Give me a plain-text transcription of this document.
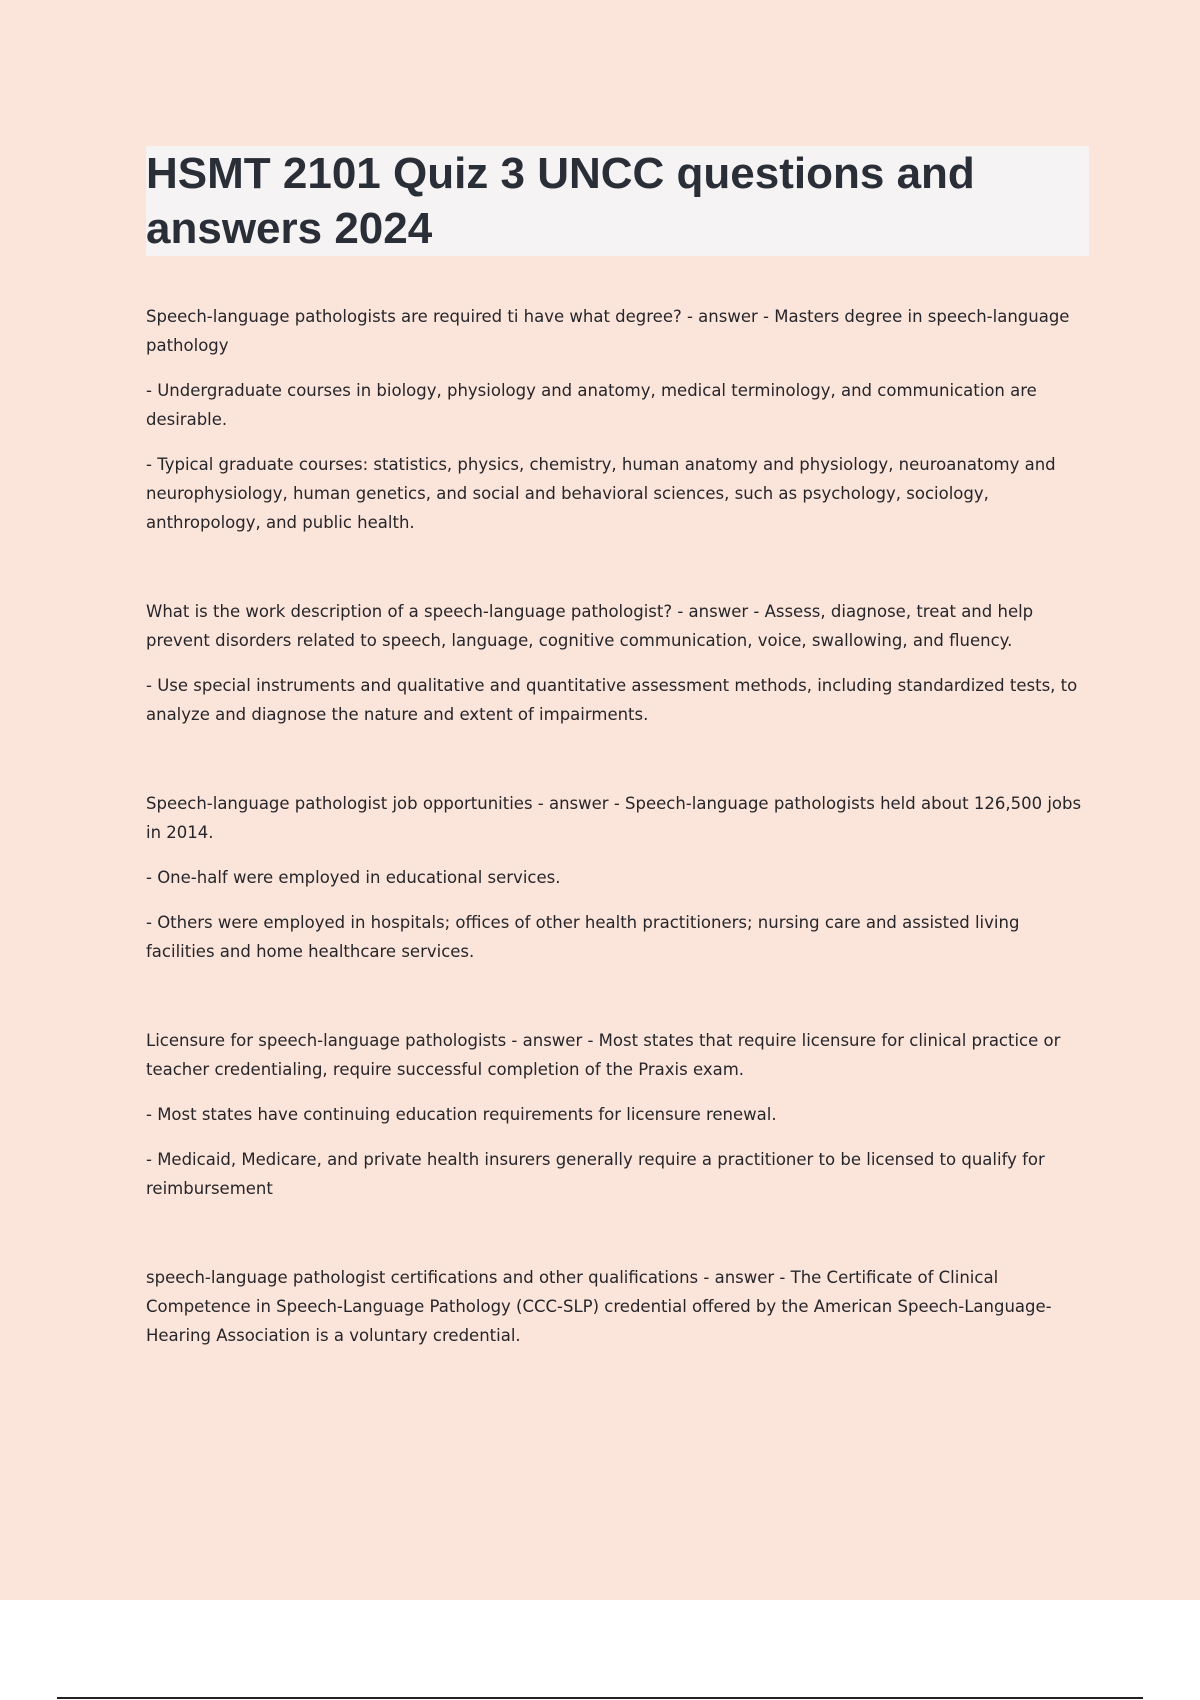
HSMT 2101 Quiz 3 UNCC questions and answers 2024

Speech-language pathologists are required ti have what degree? - answer - Masters degree in speech-language pathology

- Undergraduate courses in biology, physiology and anatomy, medical terminology, and communication are desirable.

- Typical graduate courses: statistics, physics, chemistry, human anatomy and physiology, neuroanatomy and neurophysiology, human genetics, and social and behavioral sciences, such as psychology, sociology, anthropology, and public health.

What is the work description of a speech-language pathologist? - answer - Assess, diagnose, treat and help prevent disorders related to speech, language, cognitive communication, voice, swallowing, and fluency.

- Use special instruments and qualitative and quantitative assessment methods, including standardized tests, to analyze and diagnose the nature and extent of impairments.

Speech-language pathologist job opportunities - answer - Speech-language pathologists held about 126,500 jobs in 2014.

- One-half were employed in educational services.

- Others were employed in hospitals; offices of other health practitioners; nursing care and assisted living facilities and home healthcare services.

Licensure for speech-language pathologists - answer - Most states that require licensure for clinical practice or teacher credentialing, require successful completion of the Praxis exam.

- Most states have continuing education requirements for licensure renewal.

- Medicaid, Medicare, and private health insurers generally require a practitioner to be licensed to qualify for reimbursement

speech-language pathologist certifications and other qualifications - answer - The Certificate of Clinical Competence in Speech-Language Pathology (CCC-SLP) credential offered by the American Speech-Language-Hearing Association is a voluntary credential.
